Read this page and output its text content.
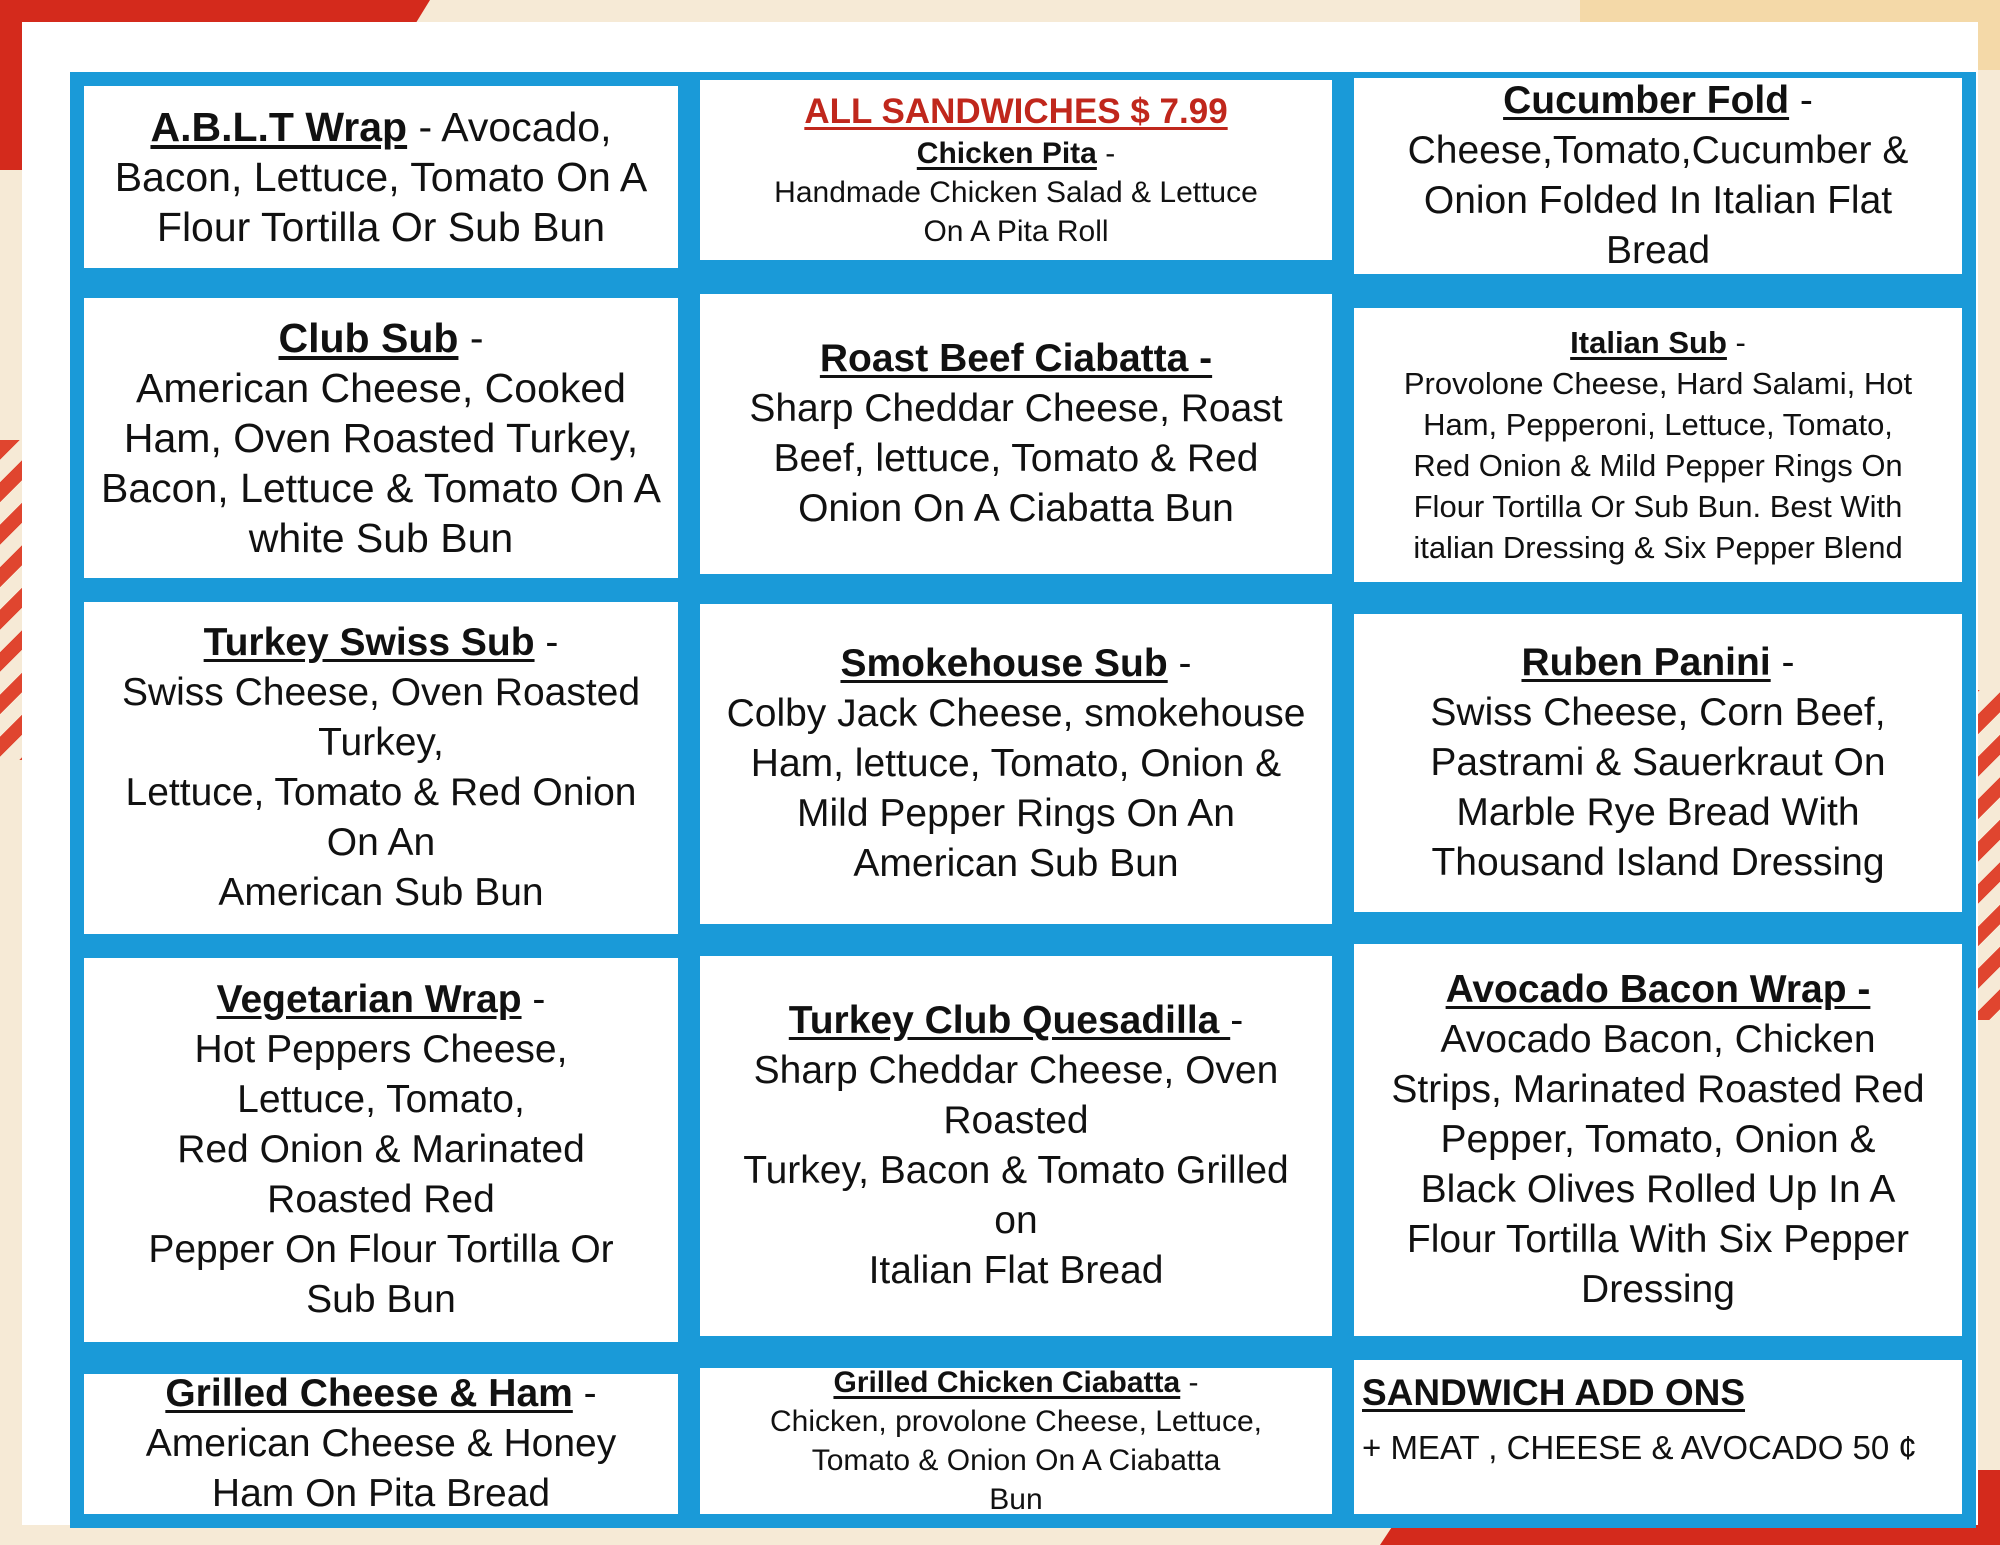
A.B.L.T Wrap - Avocado,
Bacon, Lettuce, Tomato On A
Flour Tortilla Or Sub Bun
Club Sub -
American Cheese, Cooked
Ham, Oven Roasted Turkey,
Bacon, Lettuce & Tomato On A
white Sub Bun
Turkey Swiss Sub -
Swiss Cheese, Oven Roasted
Turkey,
Lettuce, Tomato & Red Onion
On An
American Sub Bun
Vegetarian Wrap -
Hot Peppers Cheese,
Lettuce, Tomato,
Red Onion & Marinated
Roasted Red
Pepper On Flour Tortilla Or
Sub Bun
Grilled Cheese & Ham -
American Cheese & Honey
Ham On Pita Bread
ALL SANDWICHES $ 7.99
Chicken Pita -
Handmade Chicken Salad & Lettuce
On A Pita Roll
Roast Beef Ciabatta -
Sharp Cheddar Cheese, Roast
Beef, lettuce, Tomato & Red
Onion On A Ciabatta Bun
Smokehouse Sub -
Colby Jack Cheese, smokehouse
Ham, lettuce, Tomato, Onion &
Mild Pepper Rings On An
American Sub Bun
Turkey Club Quesadilla -
Sharp Cheddar Cheese, Oven
Roasted
Turkey, Bacon & Tomato Grilled
on
Italian Flat Bread
Grilled Chicken Ciabatta -
Chicken, provolone Cheese, Lettuce,
Tomato & Onion On A Ciabatta
Bun
Cucumber Fold -
Cheese,Tomato,Cucumber &
Onion Folded In Italian Flat
Bread
Italian Sub -
Provolone Cheese, Hard Salami, Hot
Ham, Pepperoni, Lettuce, Tomato,
Red Onion & Mild Pepper Rings On
Flour Tortilla Or Sub Bun. Best With
italian Dressing & Six Pepper Blend
Ruben Panini -
Swiss Cheese, Corn Beef,
Pastrami & Sauerkraut On
Marble Rye Bread With
Thousand Island Dressing
Avocado Bacon Wrap -
Avocado Bacon, Chicken
Strips, Marinated Roasted Red
Pepper, Tomato, Onion &
Black Olives Rolled Up In A
Flour Tortilla With Six Pepper
Dressing
SANDWICH ADD ONS
+ MEAT , CHEESE & AVOCADO 50 ¢
